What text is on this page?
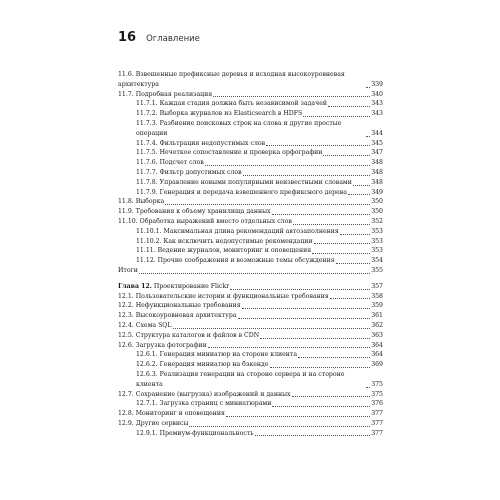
16 Оглавление
11.6. Взвешенные префиксные деревья и исходная высокоуровневая архитектура	339
11.7. Подробная реализация	340
11.7.1. Каждая стадия должна быть независимой задачей	343
11.7.2. Выборка журналов из Elasticsearch в HDFS	343
11.7.3. Разбиение поисковых строк на слова и другие простые операции	344
11.7.4. Фильтрация недопустимых слов	345
11.7.5. Нечеткое сопоставление и проверка орфографии	347
11.7.6. Подсчет слов	348
11.7.7. Фильтр допустимых слов	348
11.7.8. Управление новыми популярными неизвестными словами	348
11.7.9. Генерация и передача взвешенного префиксного дерева	349
11.8. Выборка	350
11.9. Требования к объему хранилища данных	350
11.10. Обработка выражений вместо отдельных слов	352
11.10.1. Максимальная длина рекомендаций автозаполнения	353
11.10.2. Как исключить недопустимые рекомендации	353
11.11. Ведение журналов, мониторинг и оповещения	353
11.12. Прочие соображения и возможные темы обсуждения	354
Итоги	355
Глава 12. Проектирование Flickr	357
12.1. Пользовательские истории и функциональные требования	358
12.2. Нефункциональные требования	359
12.3. Высокоуровневая архитектура	361
12.4. Схема SQL	362
12.5. Структура каталогов и файлов в CDN	363
12.6. Загрузка фотографии	364
12.6.1. Генерация миниатюр на стороне клиента	364
12.6.2. Генерация миниатюр на бэкенде	369
12.6.3. Реализация генерации на стороне сервера и на стороне клиента	375
12.7. Сохранение (выгрузка) изображений и данных	375
12.7.1. Загрузка страниц с миниатюрами	376
12.8. Мониторинг и оповещения	377
12.9. Другие сервисы	377
12.9.1. Премиум-функциональность	377
